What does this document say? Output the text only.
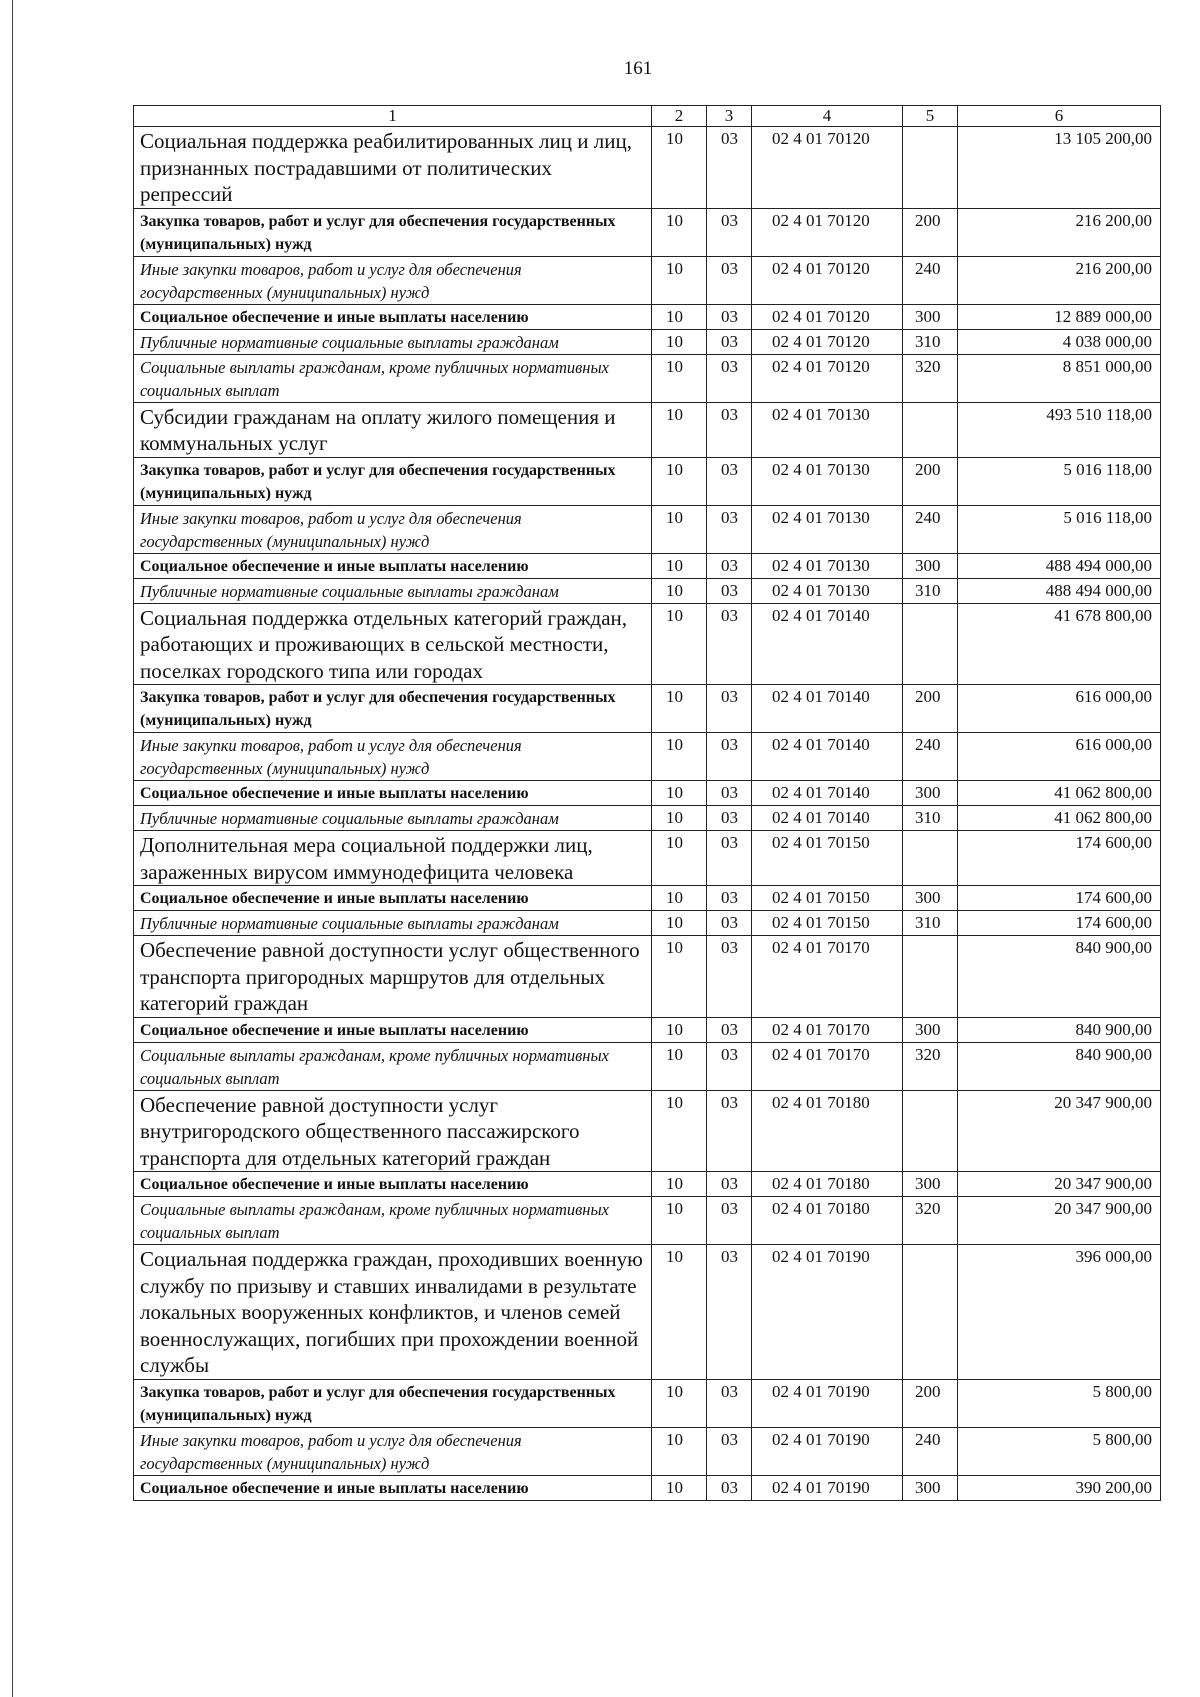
161
1	2	3	4	5	6
Социальная поддержка реабилитированных лиц и лиц, признанных пострадавшими от политических репрессий	10	03	02 4 01 70120		13 105 200,00
Закупка товаров, работ и услуг для обеспечения государственных (муниципальных) нужд	10	03	02 4 01 70120	200	216 200,00
Иные закупки товаров, работ и услуг для обеспечения государственных (муниципальных) нужд	10	03	02 4 01 70120	240	216 200,00
Социальное обеспечение и иные выплаты населению	10	03	02 4 01 70120	300	12 889 000,00
Публичные нормативные социальные выплаты гражданам	10	03	02 4 01 70120	310	4 038 000,00
Социальные выплаты гражданам, кроме публичных нормативных социальных выплат	10	03	02 4 01 70120	320	8 851 000,00
Субсидии гражданам на оплату жилого помещения и коммунальных услуг	10	03	02 4 01 70130		493 510 118,00
Закупка товаров, работ и услуг для обеспечения государственных (муниципальных) нужд	10	03	02 4 01 70130	200	5 016 118,00
Иные закупки товаров, работ и услуг для обеспечения государственных (муниципальных) нужд	10	03	02 4 01 70130	240	5 016 118,00
Социальное обеспечение и иные выплаты населению	10	03	02 4 01 70130	300	488 494 000,00
Публичные нормативные социальные выплаты гражданам	10	03	02 4 01 70130	310	488 494 000,00
Социальная поддержка отдельных категорий граждан, работающих и проживающих в сельской местности, поселках городского типа или городах	10	03	02 4 01 70140		41 678 800,00
Закупка товаров, работ и услуг для обеспечения государственных (муниципальных) нужд	10	03	02 4 01 70140	200	616 000,00
Иные закупки товаров, работ и услуг для обеспечения государственных (муниципальных) нужд	10	03	02 4 01 70140	240	616 000,00
Социальное обеспечение и иные выплаты населению	10	03	02 4 01 70140	300	41 062 800,00
Публичные нормативные социальные выплаты гражданам	10	03	02 4 01 70140	310	41 062 800,00
Дополнительная мера социальной поддержки лиц, зараженных вирусом иммунодефицита человека	10	03	02 4 01 70150		174 600,00
Социальное обеспечение и иные выплаты населению	10	03	02 4 01 70150	300	174 600,00
Публичные нормативные социальные выплаты гражданам	10	03	02 4 01 70150	310	174 600,00
Обеспечение равной доступности услуг общественного транспорта пригородных маршрутов для отдельных категорий граждан	10	03	02 4 01 70170		840 900,00
Социальное обеспечение и иные выплаты населению	10	03	02 4 01 70170	300	840 900,00
Социальные выплаты гражданам, кроме публичных нормативных социальных выплат	10	03	02 4 01 70170	320	840 900,00
Обеспечение равной доступности услуг внутригородского общественного пассажирского транспорта для отдельных категорий граждан	10	03	02 4 01 70180		20 347 900,00
Социальное обеспечение и иные выплаты населению	10	03	02 4 01 70180	300	20 347 900,00
Социальные выплаты гражданам, кроме публичных нормативных социальных выплат	10	03	02 4 01 70180	320	20 347 900,00
Социальная поддержка граждан, проходивших военную службу по призыву и ставших инвалидами в результате локальных вооруженных конфликтов, и членов семей военнослужащих, погибших при прохождении военной службы	10	03	02 4 01 70190		396 000,00
Закупка товаров, работ и услуг для обеспечения государственных (муниципальных) нужд	10	03	02 4 01 70190	200	5 800,00
Иные закупки товаров, работ и услуг для обеспечения государственных (муниципальных) нужд	10	03	02 4 01 70190	240	5 800,00
Социальное обеспечение и иные выплаты населению	10	03	02 4 01 70190	300	390 200,00
